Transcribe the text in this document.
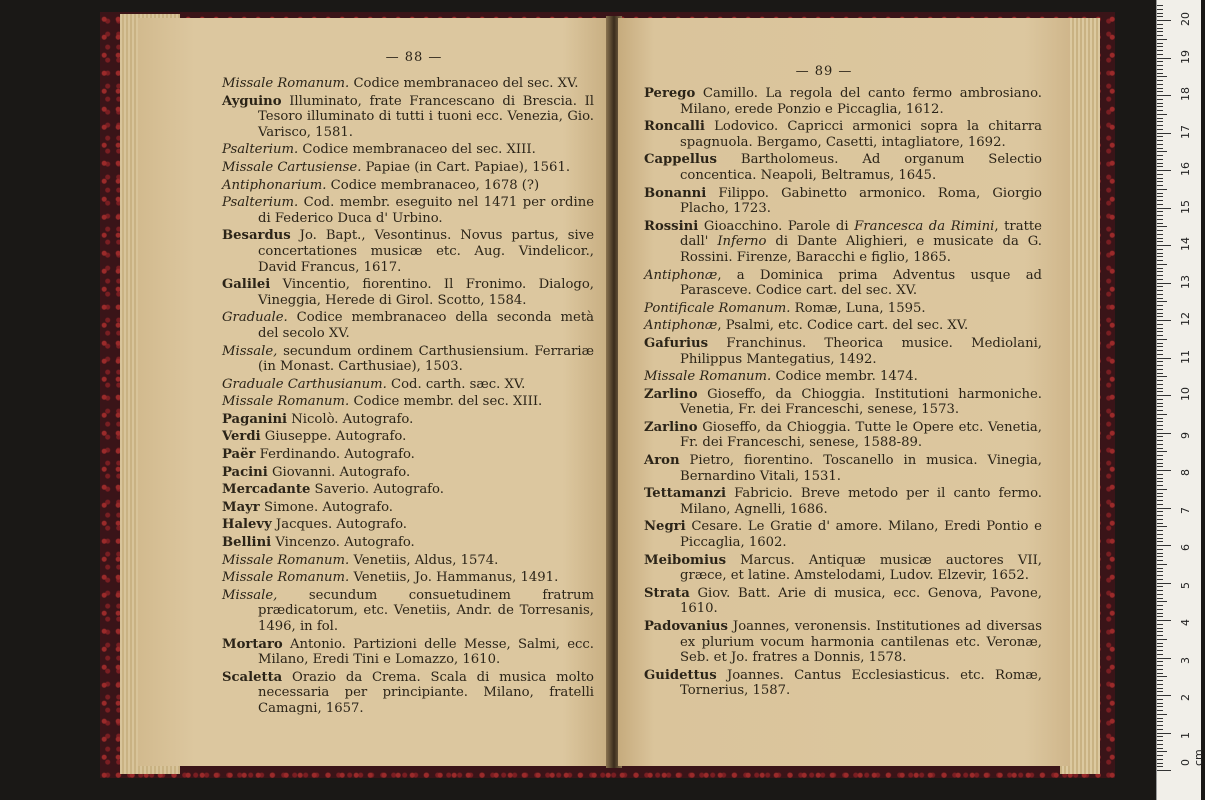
— 88 —
Missale Romanum. Codice membranaceo del sec. XV.
Ayguino Illuminato, frate Francescano di Brescia. Il Tesoro illuminato di tutti i tuoni ecc. Venezia, Gio. Varisco, 1581.
Psalterium. Codice membranaceo del sec. XIII.
Missale Cartusiense. Papiae (in Cart. Papiae), 1561.
Antiphonarium. Codice membranaceo, 1678 (?)
Psalterium. Cod. membr. eseguito nel 1471 per ordine di Federico Duca d' Urbino.
Besardus Jo. Bapt., Vesontinus. Novus partus, sive concertationes musicæ etc. Aug. Vindelicor., David Francus, 1617.
Galilei Vincentio, fiorentino. Il Fronimo. Dialogo, Vineggia, Herede di Girol. Scotto, 1584.
Graduale. Codice membranaceo della seconda metà del secolo XV.
Missale, secundum ordinem Carthusiensium. Ferrariæ (in Monast. Carthusiae), 1503.
Graduale Carthusianum. Cod. carth. sæc. XV.
Missale Romanum. Codice membr. del sec. XIII.
Paganini Nicolò. Autografo.
Verdi Giuseppe. Autografo.
Paër Ferdinando. Autografo.
Pacini Giovanni. Autografo.
Mercadante Saverio. Autografo.
Mayr Simone. Autografo.
Halevy Jacques. Autografo.
Bellini Vincenzo. Autografo.
Missale Romanum. Venetiis, Aldus, 1574.
Missale Romanum. Venetiis, Jo. Hammanus, 1491.
Missale, secundum consuetudinem fratrum prædicatorum, etc. Venetiis, Andr. de Torresanis, 1496, in fol.
Mortaro Antonio. Partizioni delle Messe, Salmi, ecc. Milano, Eredi Tini e Lomazzo, 1610.
Scaletta Orazio da Crema. Scala di musica molto necessaria per principiante. Milano, fratelli Camagni, 1657.
— 89 —
Perego Camillo. La regola del canto fermo ambrosiano. Milano, erede Ponzio e Piccaglia, 1612.
Roncalli Lodovico. Capricci armonici sopra la chitarra spagnuola. Bergamo, Casetti, intagliatore, 1692.
Cappellus Bartholomeus. Ad organum Selectio concentica. Neapoli, Beltramus, 1645.
Bonanni Filippo. Gabinetto armonico. Roma, Giorgio Placho, 1723.
Rossini Gioacchino. Parole di Francesca da Rimini, tratte dall' Inferno di Dante Alighieri, e musicate da G. Rossini. Firenze, Baracchi e figlio, 1865.
Antiphonæ, a Dominica prima Adventus usque ad Parasceve. Codice cart. del sec. XV.
Pontificale Romanum. Romæ, Luna, 1595.
Antiphonæ, Psalmi, etc. Codice cart. del sec. XV.
Gafurius Franchinus. Theorica musice. Mediolani, Philippus Mantegatius, 1492.
Missale Romanum. Codice membr. 1474.
Zarlino Gioseffo, da Chioggia. Institutioni harmoniche. Venetia, Fr. dei Franceschi, senese, 1573.
Zarlino Gioseffo, da Chioggia. Tutte le Opere etc. Venetia, Fr. dei Franceschi, senese, 1588-89.
Aron Pietro, fiorentino. Toscanello in musica. Vinegia, Bernardino Vitali, 1531.
Tettamanzi Fabricio. Breve metodo per il canto fermo. Milano, Agnelli, 1686.
Negri Cesare. Le Gratie d' amore. Milano, Eredi Pontio e Piccaglia, 1602.
Meibomius Marcus. Antiquæ musicæ auctores VII, græce, et latine. Amstelodami, Ludov. Elzevir, 1652.
Strata Giov. Batt. Arie di musica, ecc. Genova, Pavone, 1610.
Padovanius Joannes, veronensis. Institutiones ad diversas ex plurium vocum harmonia cantilenas etc. Veronæ, Seb. et Jo. fratres a Donnis, 1578.
Guidettus Joannes. Cantus Ecclesiasticus. etc. Romæ, Tornerius, 1587.
0 cm
1
2
3
4
5
6
7
8
9
10
11
12
13
14
15
16
17
18
19
20
